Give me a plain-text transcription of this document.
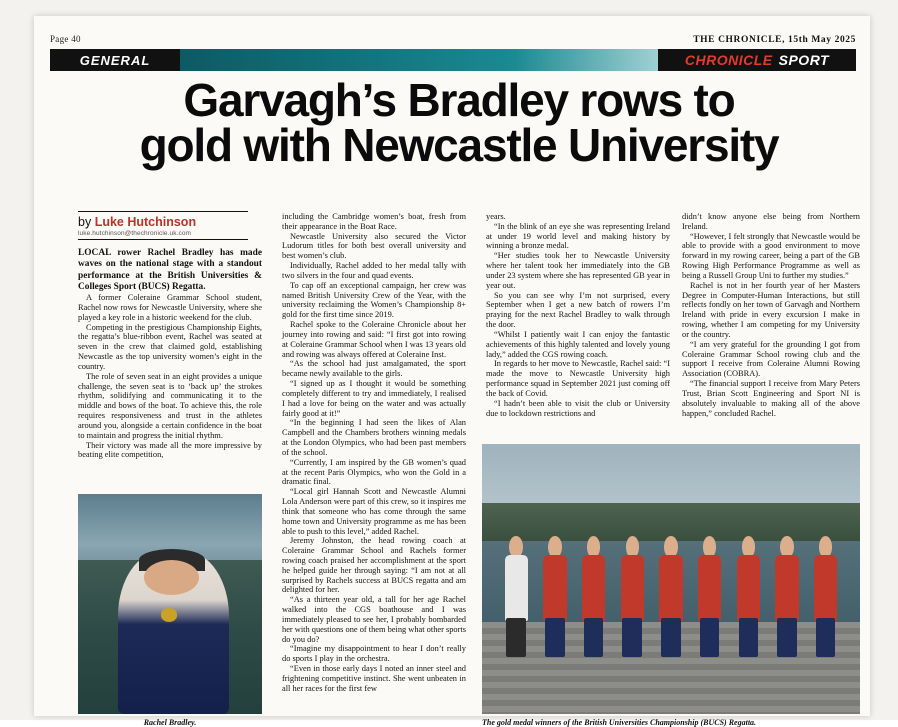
Page 40	THE CHRONICLE, 15th May 2025
GENERAL	CHRONICLE SPORT
Garvagh’s Bradley rows to
gold with Newcastle University
by Luke Hutchinson
luke.hutchinson@thechronicle.uk.com

LOCAL rower Rachel Bradley has made waves on the national stage with a standout performance at the British Universities & Colleges Sport (BUCS) Regatta.

A former Coleraine Grammar School student, Rachel now rows for Newcastle University, where she played a key role in a historic weekend for the club.

Competing in the prestigious Championship Eights, the regatta’s blue-ribbon event, Rachel was seated at seven in the crew that claimed gold, establishing Newcastle as the top university women’s eight in the country.

The role of seven seat in an eight provides a unique challenge, the seven seat is to ‘back up’ the strokes rhythm, solidifying and communicating it to the middle and bows of the boat. To achieve this, the role requires responsiveness and trust in the athletes around you, alongside a certain confidence in the boat to maintain and progress the initial rhythm.

Their victory was made all the more impressive by beating elite competition,

including the Cambridge women’s boat, fresh from their appearance in the Boat Race.

Newcastle University also secured the Victor Ludorum titles for both best overall university and best women’s club.

Individually, Rachel added to her medal tally with two silvers in the four and quad events.

To cap off an exceptional campaign, her crew was named British University Crew of the Year, with the university reclaiming the Women’s Championship 8+ gold for the first time since 2019.

Rachel spoke to the Coleraine Chronicle about her journey into rowing and said: “I first got into rowing at Coleraine Grammar School when I was 13 years old and rowing was always offered at Coleraine Inst.

“As the school had just amalgamated, the sport became newly available to the girls.

“I signed up as I thought it would be something completely different to try and immediately, I realised I had a love for being on the water and was actually fairly good at it!”

“In the beginning I had seen the likes of Alan Campbell and the Chambers brothers winning medals at the London Olympics, who had been past members of the school.

“Currently, I am inspired by the GB women’s quad at the recent Paris Olympics, who won the Gold in a dramatic final.

“Local girl Hannah Scott and Newcastle Alumni Lola Anderson were part of this crew, so it inspires me think that someone who has come through the same home town and University programme as me has been able to push to this level,” added Rachel.

Jeremy Johnston, the head rowing coach at Coleraine Grammar School and Rachels former rowing coach praised her accomplishment at the sport he helped guide her through saying: “I am not at all surprised by Rachels success at BUCS regatta and am delighted for her.

“As a thirteen year old, a tall for her age Rachel walked into the CGS boathouse and I was immediately pleased to see her, I probably bombarded her with questions one of them being what other sports do you do?

“Imagine my disappointment to hear I don’t really do sports I play in the orchestra.

“Even in those early days I noted an inner steel and frightening competitive instinct. She went unbeaten in all her races for the first few

years.

“In the blink of an eye she was representing Ireland at under 19 world level and making history by winning a bronze medal.

“Her studies took her to Newcastle University where her talent took her immediately into the GB under 23 system where she has represented GB year in year out.

So you can see why I’m not surprised, every September when I get a new batch of rowers I’m praying for the next Rachel Bradley to walk through the door.

“Whilst I patiently wait I can enjoy the fantastic achievements of this highly talented and lovely young lady,” added the CGS rowing coach.

In regards to her move to Newcastle, Rachel said: “I made the move to Newcastle University high performance squad in September 2021 just coming off the back of Covid.

“I hadn’t been able to visit the club or University due to lockdown restrictions and

didn’t know anyone else being from Northern Ireland.

“However, I felt strongly that Newcastle would be able to provide with a good environment to move forward in my rowing career, being a part of the GB Rowing High Performance Programme as well as being a Russell Group Uni to further my studies.”

Rachel is not in her fourth year of her Masters Degree in Computer-Human Interactions, but still reflects fondly on her town of Garvagh and Northern Ireland with pride in every excursion I make in rowing, whether I am competing for my University or the country.

“I am very grateful for the grounding I got from Coleraine Grammar School rowing club and the support I receive from Coleraine Alumni Rowing Association (COBRA).

“The financial support I receive from Mary Peters Trust, Brian Scott Engineering and Sport NI is absolutely invaluable to making all of the above happen,” concluded Rachel.

Rachel Bradley.	The gold medal winners of the British Universities Championship (BUCS) Regatta.
